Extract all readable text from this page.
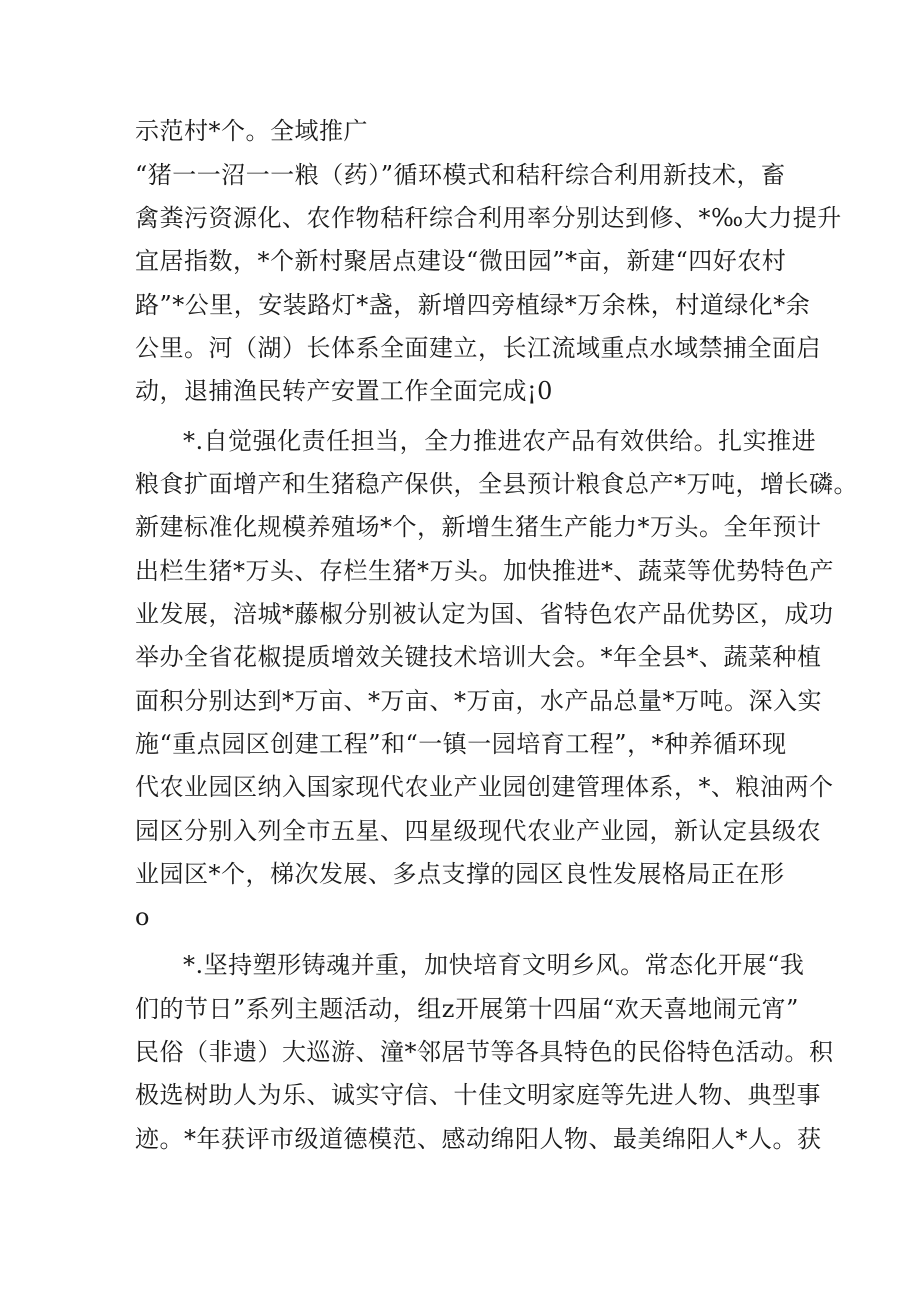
示范村*个。全域推广
“猪一一沼一一粮（药）”循环模式和秸秆综合利用新技术，畜
禽粪污资源化、农作物秸秆综合利用率分别达到修、*‰大力提升
宜居指数，*个新村聚居点建设“微田园”*亩，新建“四好农村
路”*公里，安装路灯*盏，新增四旁植绿*万余株，村道绿化*余
公里。河（湖）长体系全面建立，长江流域重点水域禁捕全面启
动，退捕渔民转产安置工作全面完成¡0
*.自觉强化责任担当，全力推进农产品有效供给。扎实推进
粮食扩面增产和生猪稳产保供，全县预计粮食总产*万吨，增长磷。
新建标准化规模养殖场*个，新增生猪生产能力*万头。全年预计
出栏生猪*万头、存栏生猪*万头。加快推进*、蔬菜等优势特色产
业发展，涪城*藤椒分别被认定为国、省特色农产品优势区，成功
举办全省花椒提质增效关键技术培训大会。*年全县*、蔬菜种植
面积分别达到*万亩、*万亩、*万亩，水产品总量*万吨。深入实
施“重点园区创建工程”和“一镇一园培育工程”，*种养循环现
代农业园区纳入国家现代农业产业园创建管理体系，*、粮油两个
园区分别入列全市五星、四星级现代农业产业园，新认定县级农
业园区*个，梯次发展、多点支撑的园区良性发展格局正在形
o
*.坚持塑形铸魂并重，加快培育文明乡风。常态化开展“我
们的节日”系列主题活动，组z开展第十四届“欢天喜地闹元宵”
民俗（非遗）大巡游、潼*邻居节等各具特色的民俗特色活动。积
极选树助人为乐、诚实守信、十佳文明家庭等先进人物、典型事
迹。*年获评市级道德模范、感动绵阳人物、最美绵阳人*人。获
